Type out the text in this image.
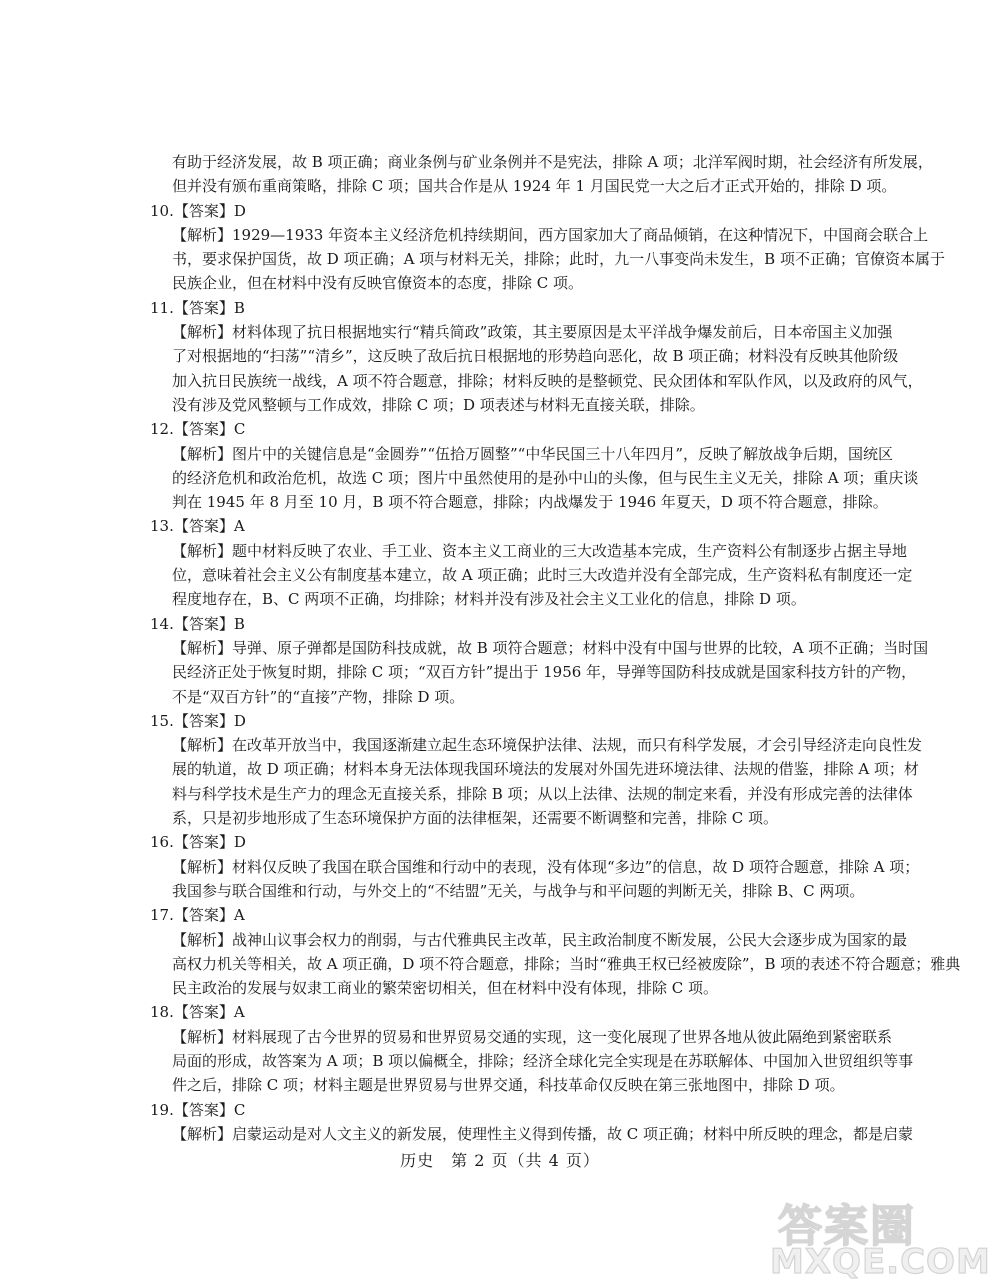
有助于经济发展，故 B 项正确；商业条例与矿业条例并不是宪法，排除 A 项；北洋军阀时期，社会经济有所发展，
但并没有颁布重商策略，排除 C 项；国共合作是从 1924 年 1 月国民党一大之后才正式开始的，排除 D 项。
10.【答案】D
【解析】1929—1933 年资本主义经济危机持续期间，西方国家加大了商品倾销，在这种情况下，中国商会联合上
书，要求保护国货，故 D 项正确；A 项与材料无关，排除；此时，九一八事变尚未发生，B 项不正确；官僚资本属于
民族企业，但在材料中没有反映官僚资本的态度，排除 C 项。
11.【答案】B
【解析】材料体现了抗日根据地实行“精兵简政”政策，其主要原因是太平洋战争爆发前后，日本帝国主义加强
了对根据地的“扫荡”“清乡”，这反映了敌后抗日根据地的形势趋向恶化，故 B 项正确；材料没有反映其他阶级
加入抗日民族统一战线，A 项不符合题意，排除；材料反映的是整顿党、民众团体和军队作风，以及政府的风气，
没有涉及党风整顿与工作成效，排除 C 项；D 项表述与材料无直接关联，排除。
12.【答案】C
【解析】图片中的关键信息是“金圆券”“伍拾万圆整”“中华民国三十八年四月”，反映了解放战争后期，国统区
的经济危机和政治危机，故选 C 项；图片中虽然使用的是孙中山的头像，但与民生主义无关，排除 A 项；重庆谈
判在 1945 年 8 月至 10 月，B 项不符合题意，排除；内战爆发于 1946 年夏天，D 项不符合题意，排除。
13.【答案】A
【解析】题中材料反映了农业、手工业、资本主义工商业的三大改造基本完成，生产资料公有制逐步占据主导地
位，意味着社会主义公有制度基本建立，故 A 项正确；此时三大改造并没有全部完成，生产资料私有制度还一定
程度地存在，B、C 两项不正确，均排除；材料并没有涉及社会主义工业化的信息，排除 D 项。
14.【答案】B
【解析】导弹、原子弹都是国防科技成就，故 B 项符合题意；材料中没有中国与世界的比较，A 项不正确；当时国
民经济正处于恢复时期，排除 C 项；“双百方针”提出于 1956 年，导弹等国防科技成就是国家科技方针的产物，
不是“双百方针”的“直接”产物，排除 D 项。
15.【答案】D
【解析】在改革开放当中，我国逐渐建立起生态环境保护法律、法规，而只有科学发展，才会引导经济走向良性发
展的轨道，故 D 项正确；材料本身无法体现我国环境法的发展对外国先进环境法律、法规的借鉴，排除 A 项；材
料与科学技术是生产力的理念无直接关系，排除 B 项；从以上法律、法规的制定来看，并没有形成完善的法律体
系，只是初步地形成了生态环境保护方面的法律框架，还需要不断调整和完善，排除 C 项。
16.【答案】D
【解析】材料仅反映了我国在联合国维和行动中的表现，没有体现“多边”的信息，故 D 项符合题意，排除 A 项；
我国参与联合国维和行动，与外交上的“不结盟”无关，与战争与和平问题的判断无关，排除 B、C 两项。
17.【答案】A
【解析】战神山议事会权力的削弱，与古代雅典民主改革，民主政治制度不断发展，公民大会逐步成为国家的最
高权力机关等相关，故 A 项正确，D 项不符合题意，排除；当时“雅典王权已经被废除”，B 项的表述不符合题意；雅典
民主政治的发展与奴隶工商业的繁荣密切相关，但在材料中没有体现，排除 C 项。
18.【答案】A
【解析】材料展现了古今世界的贸易和世界贸易交通的实现，这一变化展现了世界各地从彼此隔绝到紧密联系
局面的形成，故答案为 A 项；B 项以偏概全，排除；经济全球化完全实现是在苏联解体、中国加入世贸组织等事
件之后，排除 C 项；材料主题是世界贸易与世界交通，科技革命仅反映在第三张地图中，排除 D 项。
19.【答案】C
【解析】启蒙运动是对人文主义的新发展，使理性主义得到传播，故 C 项正确；材料中所反映的理念，都是启蒙
历史　第 2 页（共 4 页）
答案圈
MXQE.COM
